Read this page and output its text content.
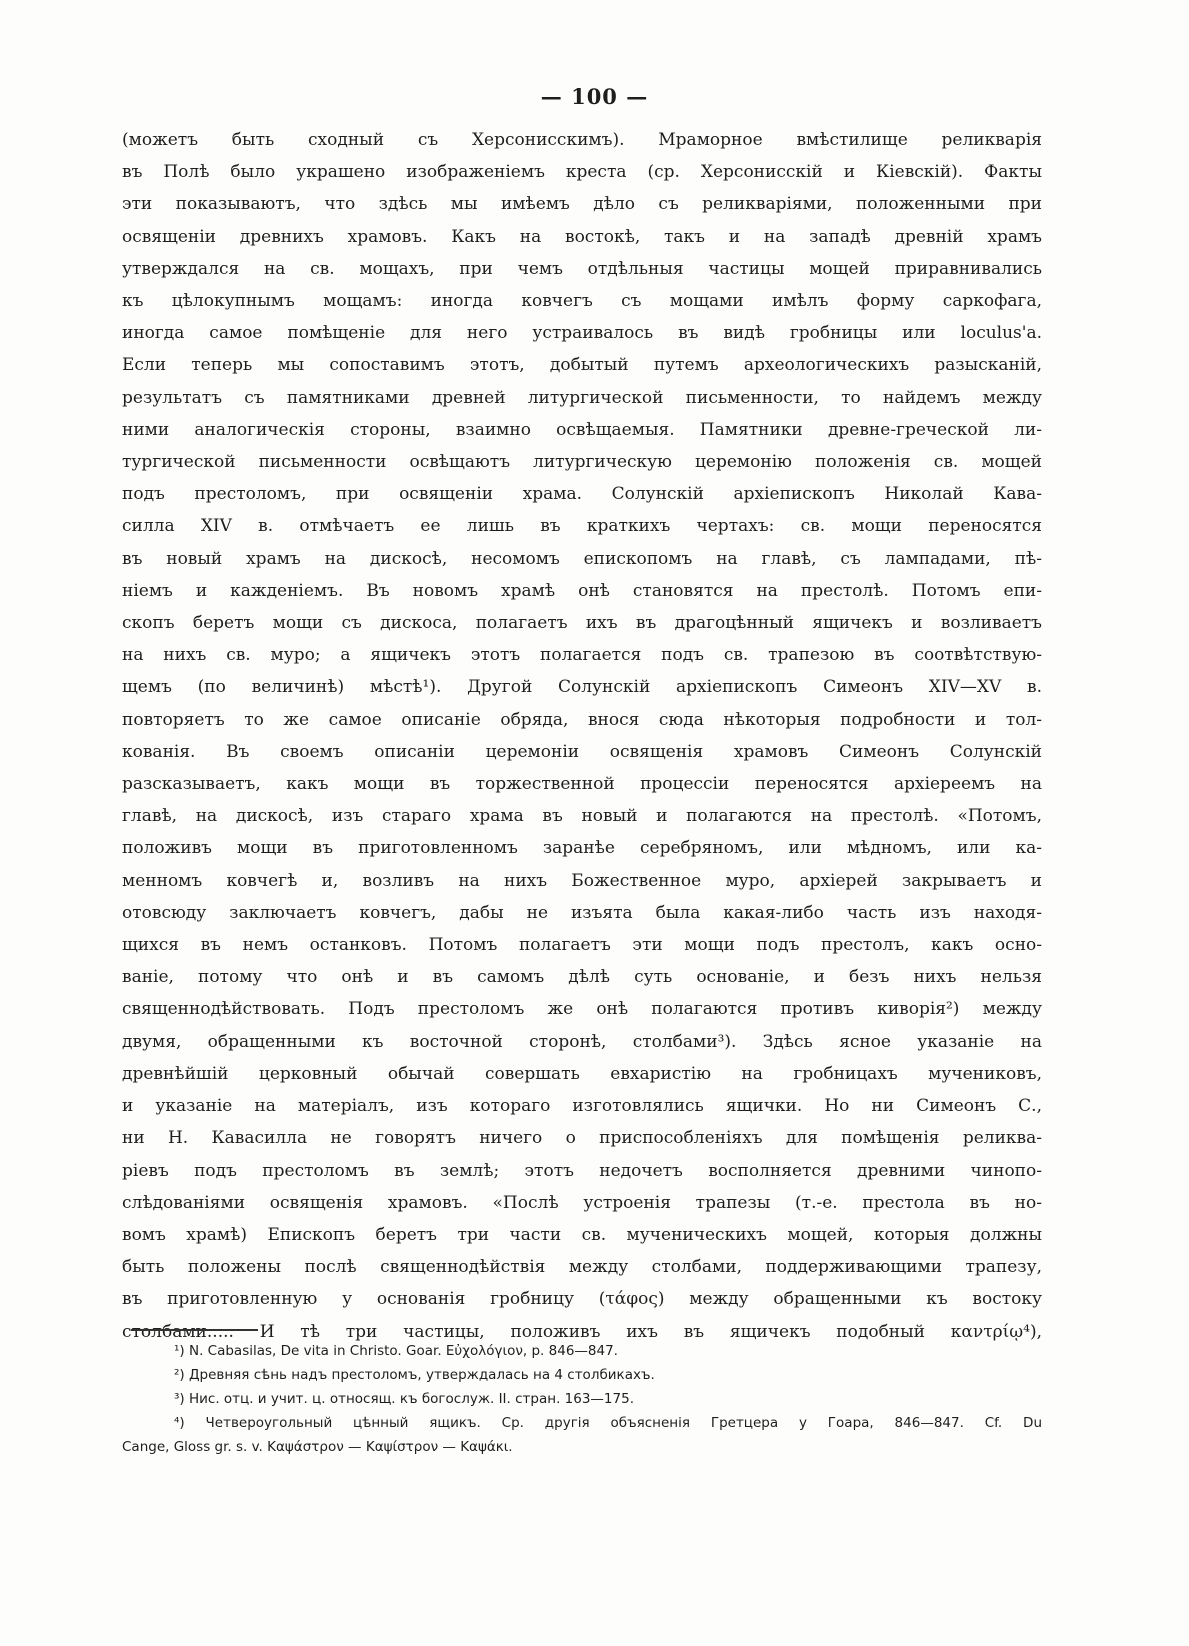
— 100 —
(можетъ быть сходный съ Херсонисскимъ). Мраморное вмѣстилище реликварія
въ Полѣ было украшено изображеніемъ креста (ср. Херсонисскій и Кіевскій). Факты
эти показываютъ, что здѣсь мы имѣемъ дѣло съ реликваріями, положенными при
освященіи древнихъ храмовъ. Какъ на востокѣ, такъ и на западѣ древній храмъ
утверждался на св. мощахъ, при чемъ отдѣльныя частицы мощей приравнивались
къ цѣлокупнымъ мощамъ: иногда ковчегъ съ мощами имѣлъ форму саркофага,
иногда самое помѣщеніе для него устраивалось въ видѣ гробницы или loculus'а.
Если теперь мы сопоставимъ этотъ, добытый путемъ археологическихъ разысканій,
результатъ съ памятниками древней литургической письменности, то найдемъ между
ними аналогическія стороны, взаимно освѣщаемыя. Памятники древне-греческой ли-
тургической письменности освѣщаютъ литургическую церемонію положенія св. мощей
подъ престоломъ, при освященіи храма. Солунскій архіепископъ Николай Кава-
силла XIV в. отмѣчаетъ ее лишь въ краткихъ чертахъ: св. мощи переносятся
въ новый храмъ на дискосѣ, несомомъ епископомъ на главѣ, съ лампадами, пѣ-
ніемъ и кажденіемъ. Въ новомъ храмѣ онѣ становятся на престолѣ. Потомъ епи-
скопъ беретъ мощи съ дискоса, полагаетъ ихъ въ драгоцѣнный ящичекъ и возливаетъ
на нихъ св. муро; а ящичекъ этотъ полагается подъ св. трапезою въ соотвѣтствую-
щемъ (по величинѣ) мѣстѣ¹). Другой Солунскій архіепископъ Симеонъ XIV—XV в.
повторяетъ то же самое описаніе обряда, внося сюда нѣкоторыя подробности и тол-
кованія. Въ своемъ описаніи церемоніи освященія храмовъ Симеонъ Солунскій
разсказываетъ, какъ мощи въ торжественной процессіи переносятся архіереемъ на
главѣ, на дискосѣ, изъ стараго храма въ новый и полагаются на престолѣ. «Потомъ,
положивъ мощи въ приготовленномъ заранѣе серебряномъ, или мѣдномъ, или ка-
менномъ ковчегѣ и, возливъ на нихъ Божественное муро, архіерей закрываетъ и
отовсюду заключаетъ ковчегъ, дабы не изъята была какая-либо часть изъ находя-
щихся въ немъ останковъ. Потомъ полагаетъ эти мощи подъ престолъ, какъ осно-
ваніе, потому что онѣ и въ самомъ дѣлѣ суть основаніе, и безъ нихъ нельзя
священнодѣйствовать. Подъ престоломъ же онѣ полагаются противъ киворія²) между
двумя, обращенными къ восточной сторонѣ, столбами³). Здѣсь ясное указаніе на
древнѣйшій церковный обычай совершать евхаристію на гробницахъ мучениковъ,
и указаніе на матеріалъ, изъ котораго изготовлялись ящички. Но ни Симеонъ С.,
ни Н. Кавасилла не говорятъ ничего о приспособленіяхъ для помѣщенія реликва-
ріевъ подъ престоломъ въ землѣ; этотъ недочетъ восполняется древними чинопо-
слѣдованіями освященія храмовъ. «Послѣ устроенія трапезы (т.-е. престола въ но-
вомъ храмѣ) Епископъ беретъ три части св. мученическихъ мощей, которыя должны
быть положены послѣ священнодѣйствія между столбами, поддерживающими трапезу,
въ приготовленную у основанія гробницу (τάφος) между обращенными къ востоку
столбами..... И тѣ три частицы, положивъ ихъ въ ящичекъ подобный καντρίῳ⁴),
¹) N. Cabasilas, De vita in Christo. Goar. Εὐχολόγιον, p. 846—847.
²) Древняя сѣнь надъ престоломъ, утверждалась на 4 столбикахъ.
³) Нис. отц. и учит. ц. относящ. къ богослуж. II. стран. 163—175.
⁴) Четвероугольный цѣнный ящикъ. Ср. другія объясненія Гретцера у Гоара, 846—847. Cf. Du
Cange, Gloss gr. s. v. Καψάστρον — Καψίστρον — Καψάκι.
